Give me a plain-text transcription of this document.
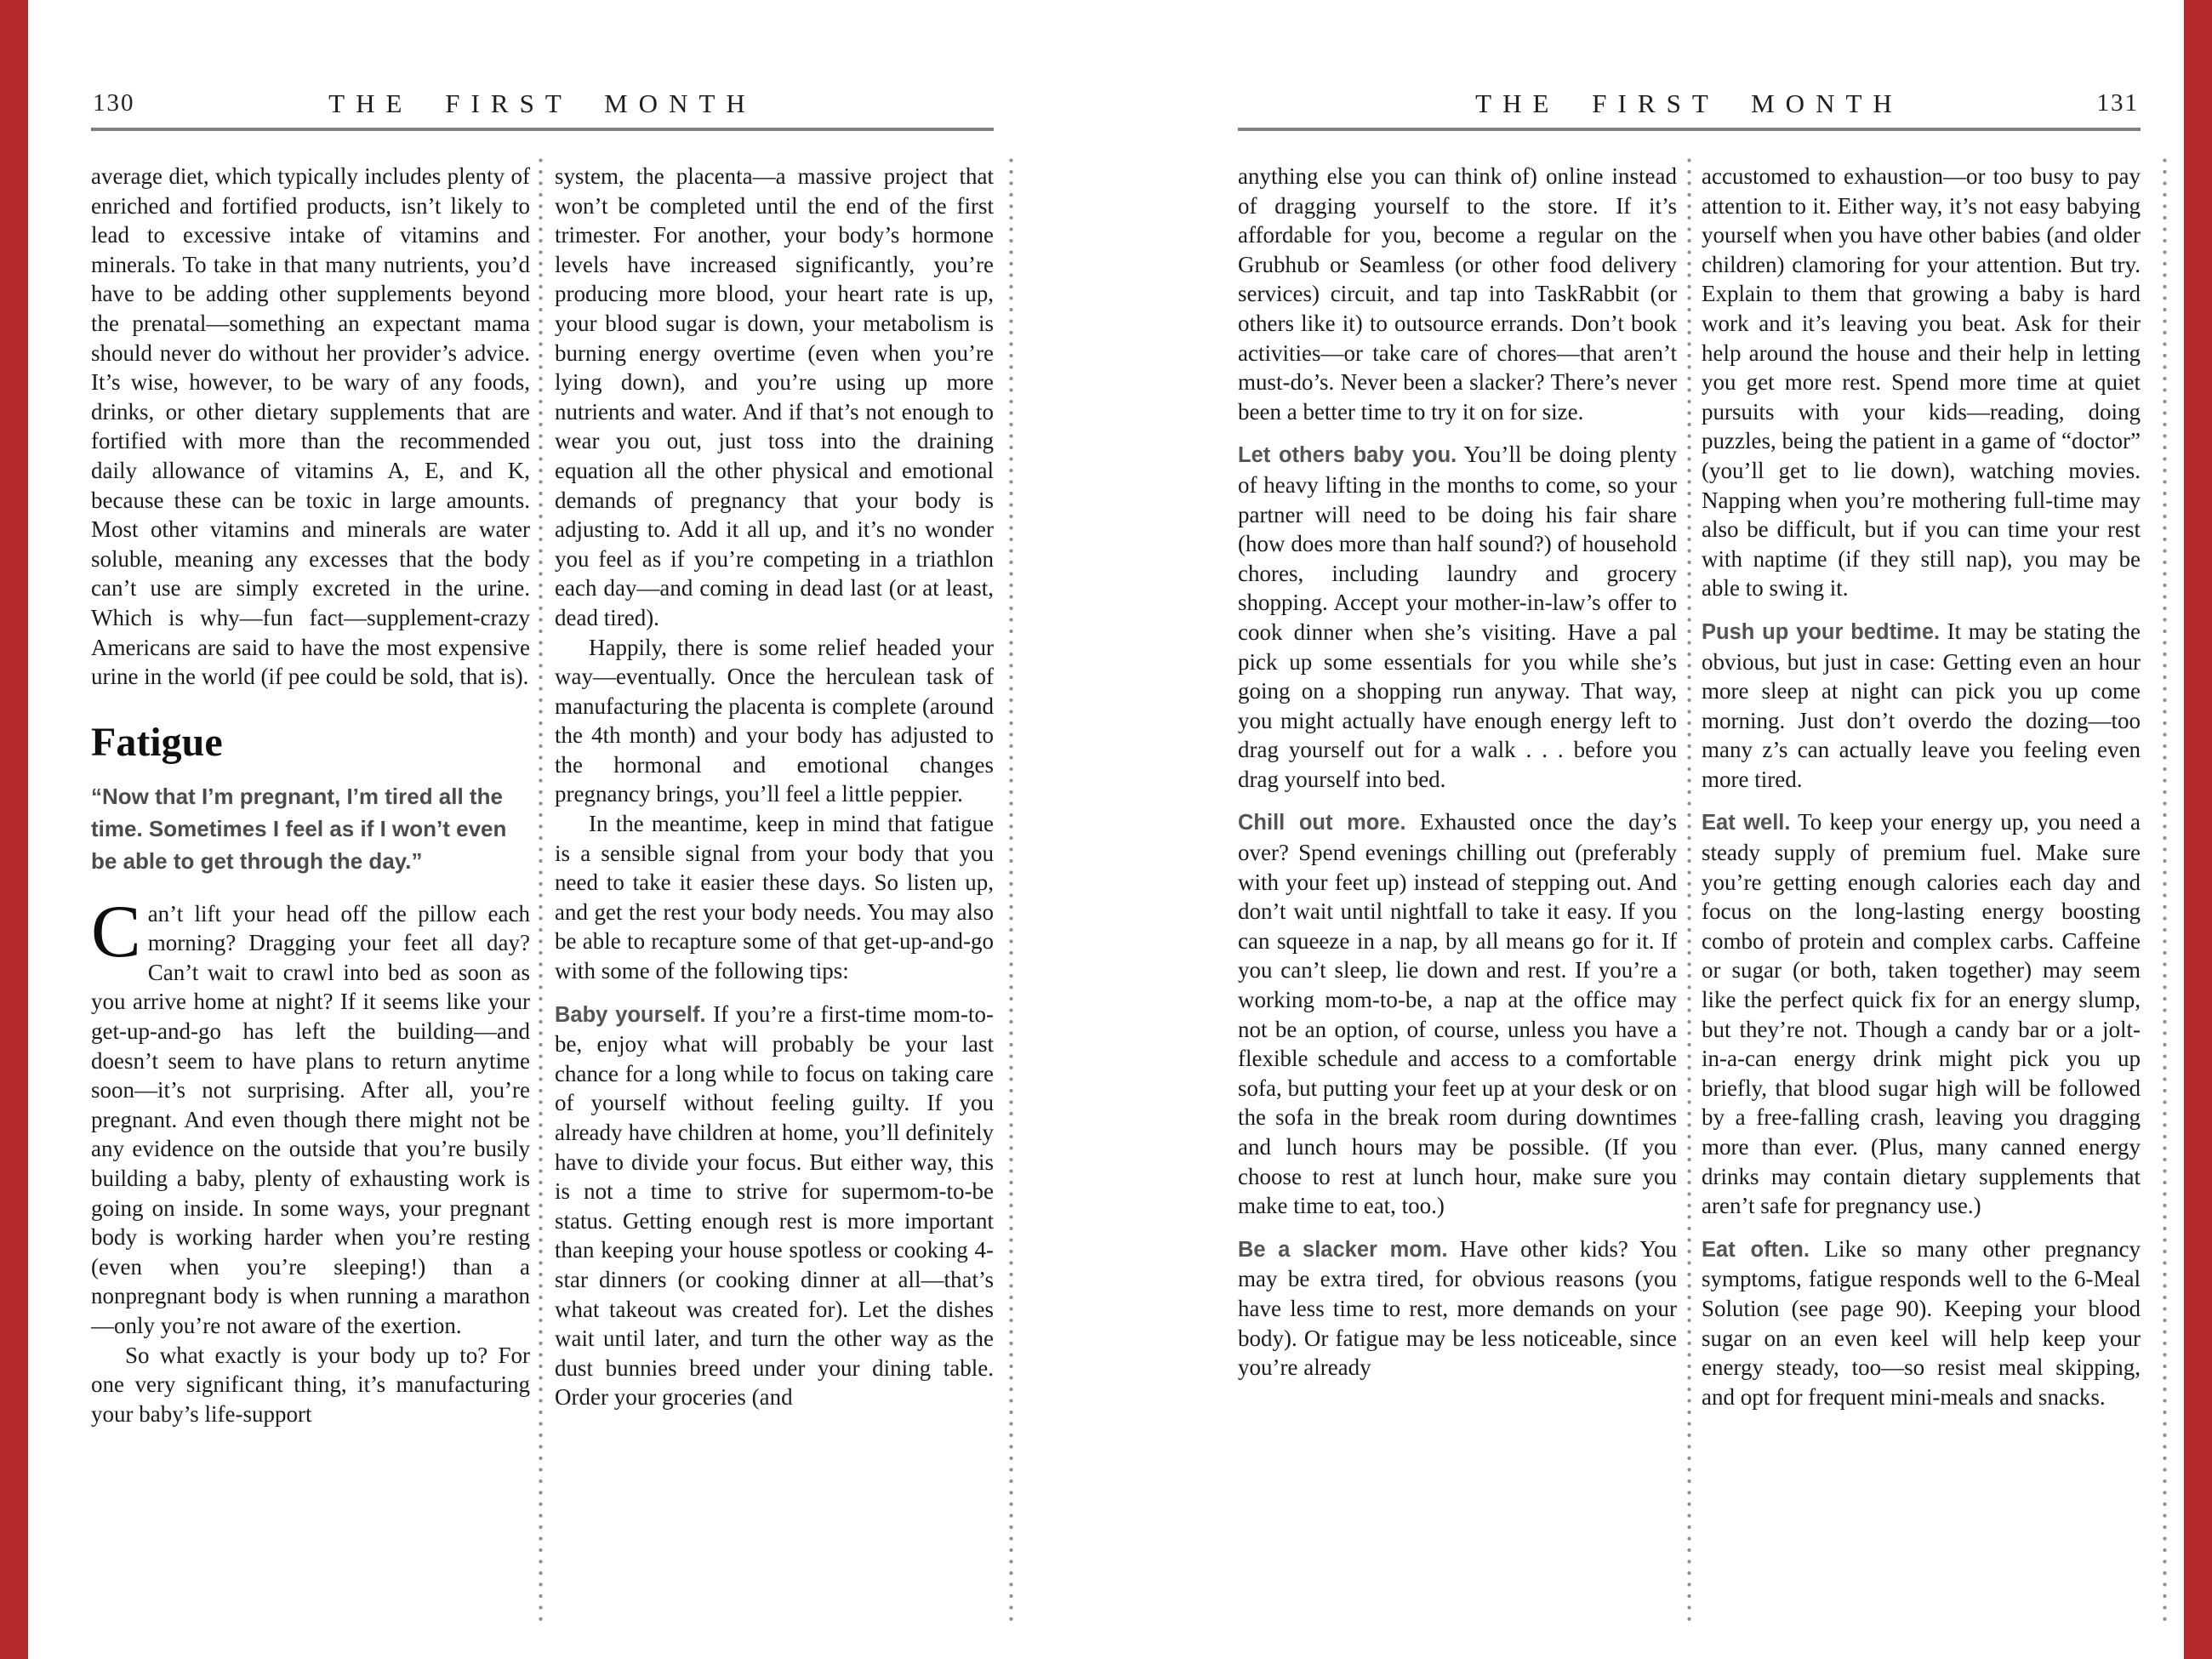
130	THE FIRST MONTH

average diet, which typically includes plenty of enriched and fortified products, isn’t likely to lead to excessive intake of vitamins and minerals. To take in that many nutrients, you’d have to be adding other supplements beyond the prenatal—something an expectant mama should never do without her provider’s advice. It’s wise, however, to be wary of any foods, drinks, or other dietary supplements that are fortified with more than the recommended daily allowance of vitamins A, E, and K, because these can be toxic in large amounts. Most other vitamins and minerals are water soluble, meaning any excesses that the body can’t use are simply excreted in the urine. Which is why—fun fact—supplement-crazy Americans are said to have the most expensive urine in the world (if pee could be sold, that is).

Fatigue

“Now that I’m pregnant, I’m tired all the time. Sometimes I feel as if I won’t even be able to get through the day.”

Can’t lift your head off the pillow each morning? Dragging your feet all day? Can’t wait to crawl into bed as soon as you arrive home at night? If it seems like your get-up-and-go has left the building—and doesn’t seem to have plans to return anytime soon—it’s not surprising. After all, you’re pregnant. And even though there might not be any evidence on the outside that you’re busily building a baby, plenty of exhausting work is going on inside. In some ways, your pregnant body is working harder when you’re resting (even when you’re sleeping!) than a nonpregnant body is when running a marathon—only you’re not aware of the exertion.

So what exactly is your body up to? For one very significant thing, it’s manufacturing your baby’s life-support

system, the placenta—a massive project that won’t be completed until the end of the first trimester. For another, your body’s hormone levels have increased significantly, you’re producing more blood, your heart rate is up, your blood sugar is down, your metabolism is burning energy overtime (even when you’re lying down), and you’re using up more nutrients and water. And if that’s not enough to wear you out, just toss into the draining equation all the other physical and emotional demands of pregnancy that your body is adjusting to. Add it all up, and it’s no wonder you feel as if you’re competing in a triathlon each day—and coming in dead last (or at least, dead tired).

Happily, there is some relief headed your way—eventually. Once the herculean task of manufacturing the placenta is complete (around the 4th month) and your body has adjusted to the hormonal and emotional changes pregnancy brings, you’ll feel a little peppier.

In the meantime, keep in mind that fatigue is a sensible signal from your body that you need to take it easier these days. So listen up, and get the rest your body needs. You may also be able to recapture some of that get-up-and-go with some of the following tips:

Baby yourself. If you’re a first-time mom-to-be, enjoy what will probably be your last chance for a long while to focus on taking care of yourself without feeling guilty. If you already have children at home, you’ll definitely have to divide your focus. But either way, this is not a time to strive for supermom-to-be status. Getting enough rest is more important than keeping your house spotless or cooking 4-star dinners (or cooking dinner at all—that’s what takeout was created for). Let the dishes wait until later, and turn the other way as the dust bunnies breed under your dining table. Order your groceries (and

THE FIRST MONTH	131

anything else you can think of) online instead of dragging yourself to the store. If it’s affordable for you, become a regular on the Grubhub or Seamless (or other food delivery services) circuit, and tap into TaskRabbit (or others like it) to outsource errands. Don’t book activities—or take care of chores—that aren’t must-do’s. Never been a slacker? There’s never been a better time to try it on for size.

Let others baby you. You’ll be doing plenty of heavy lifting in the months to come, so your partner will need to be doing his fair share (how does more than half sound?) of household chores, including laundry and grocery shopping. Accept your mother-in-law’s offer to cook dinner when she’s visiting. Have a pal pick up some essentials for you while she’s going on a shopping run anyway. That way, you might actually have enough energy left to drag yourself out for a walk . . . before you drag yourself into bed.

Chill out more. Exhausted once the day’s over? Spend evenings chilling out (preferably with your feet up) instead of stepping out. And don’t wait until nightfall to take it easy. If you can squeeze in a nap, by all means go for it. If you can’t sleep, lie down and rest. If you’re a working mom-to-be, a nap at the office may not be an option, of course, unless you have a flexible schedule and access to a comfortable sofa, but putting your feet up at your desk or on the sofa in the break room during downtimes and lunch hours may be possible. (If you choose to rest at lunch hour, make sure you make time to eat, too.)

Be a slacker mom. Have other kids? You may be extra tired, for obvious reasons (you have less time to rest, more demands on your body). Or fatigue may be less noticeable, since you’re already

accustomed to exhaustion—or too busy to pay attention to it. Either way, it’s not easy babying yourself when you have other babies (and older children) clamoring for your attention. But try. Explain to them that growing a baby is hard work and it’s leaving you beat. Ask for their help around the house and their help in letting you get more rest. Spend more time at quiet pursuits with your kids—reading, doing puzzles, being the patient in a game of “doctor” (you’ll get to lie down), watching movies. Napping when you’re mothering full-time may also be difficult, but if you can time your rest with naptime (if they still nap), you may be able to swing it.

Push up your bedtime. It may be stating the obvious, but just in case: Getting even an hour more sleep at night can pick you up come morning. Just don’t overdo the dozing—too many z’s can actually leave you feeling even more tired.

Eat well. To keep your energy up, you need a steady supply of premium fuel. Make sure you’re getting enough calories each day and focus on the long-lasting energy boosting combo of protein and complex carbs. Caffeine or sugar (or both, taken together) may seem like the perfect quick fix for an energy slump, but they’re not. Though a candy bar or a jolt-in-a-can energy drink might pick you up briefly, that blood sugar high will be followed by a free-falling crash, leaving you dragging more than ever. (Plus, many canned energy drinks may contain dietary supplements that aren’t safe for pregnancy use.)

Eat often. Like so many other pregnancy symptoms, fatigue responds well to the 6-Meal Solution (see page 90). Keeping your blood sugar on an even keel will help keep your energy steady, too—so resist meal skipping, and opt for frequent mini-meals and snacks.
